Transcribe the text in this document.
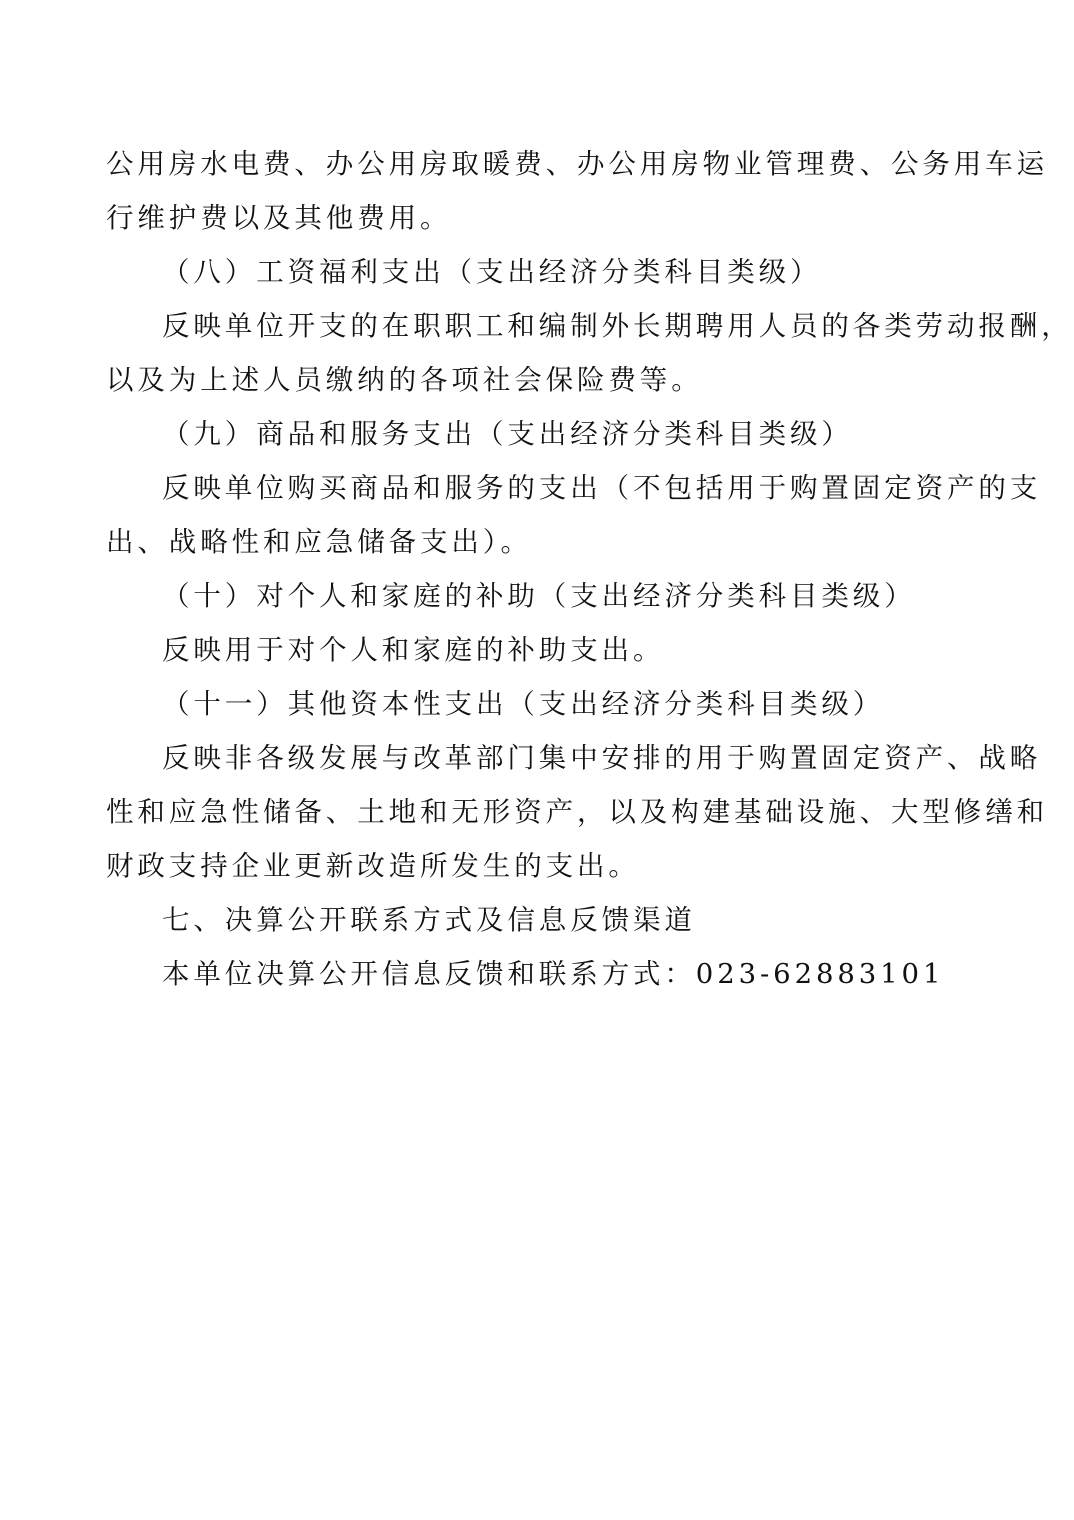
公用房水电费、办公用房取暖费、办公用房物业管理费、公务用车运
行维护费以及其他费用。
（八）工资福利支出（支出经济分类科目类级）
反映单位开支的在职职工和编制外长期聘用人员的各类劳动报酬，
以及为上述人员缴纳的各项社会保险费等。
（九）商品和服务支出（支出经济分类科目类级）
反映单位购买商品和服务的支出（不包括用于购置固定资产的支
出、战略性和应急储备支出）。
（十）对个人和家庭的补助（支出经济分类科目类级）
反映用于对个人和家庭的补助支出。
（十一）其他资本性支出（支出经济分类科目类级）
反映非各级发展与改革部门集中安排的用于购置固定资产、战略
性和应急性储备、土地和无形资产，以及构建基础设施、大型修缮和
财政支持企业更新改造所发生的支出。
七、决算公开联系方式及信息反馈渠道
本单位决算公开信息反馈和联系方式：023-62883101
